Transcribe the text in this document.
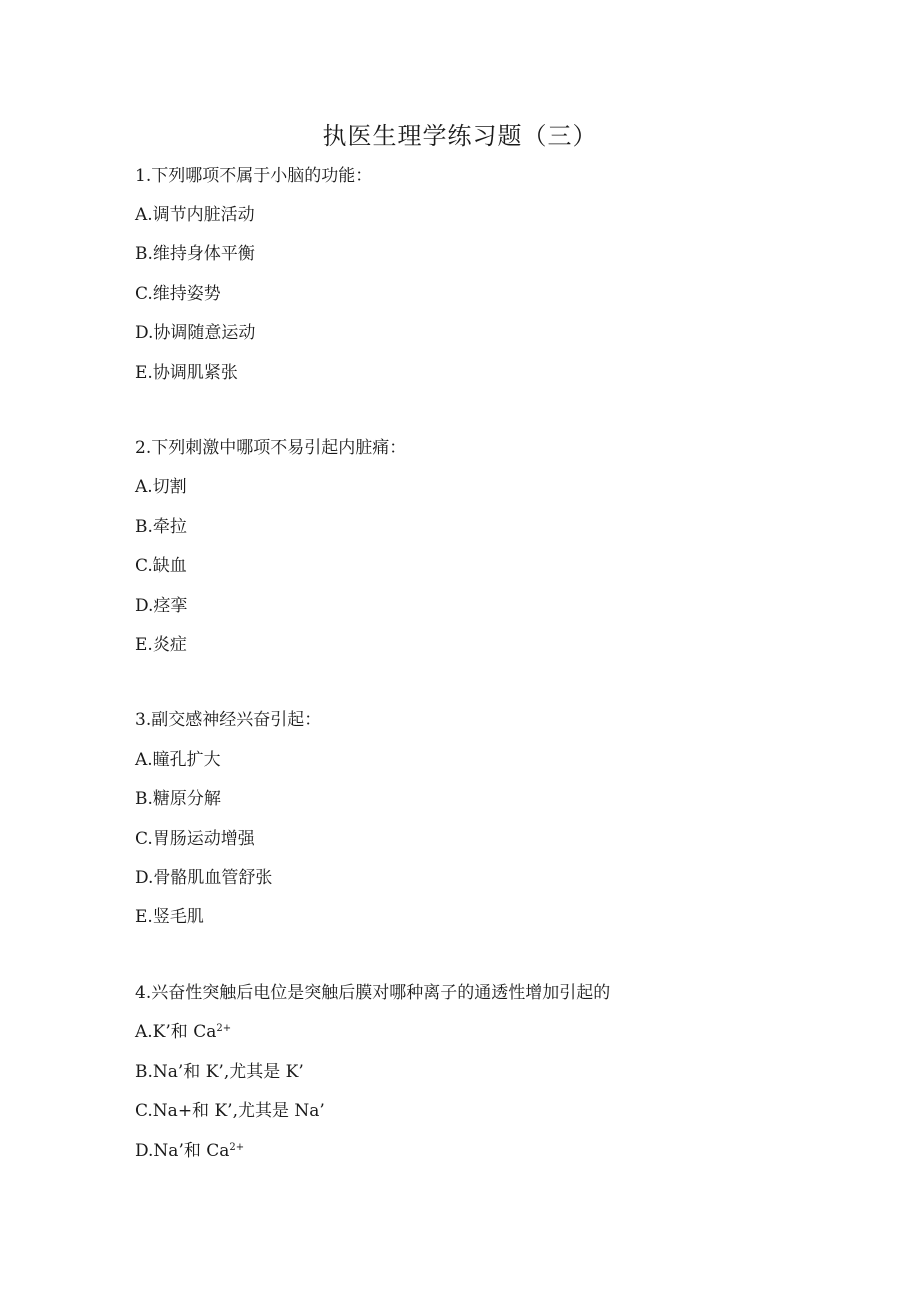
执医生理学练习题（三）
1.下列哪项不属于小脑的功能：
A.调节内脏活动
B.维持身体平衡
C.维持姿势
D.协调随意运动
E.协调肌紧张
2.下列刺激中哪项不易引起内脏痛：
A.切割
B.牵拉
C.缺血
D.痉挛
E.炎症
3.副交感神经兴奋引起：
A.瞳孔扩大
B.糖原分解
C.胃肠运动增强
D.骨骼肌血管舒张
E.竖毛肌
4.兴奋性突触后电位是突触后膜对哪种离子的通透性增加引起的
A.K’和 $Ca^{2+}$
B.Na’和 K’,尤其是 K’
C.Na+和 K’,尤其是 Na’
D.Na’和 $Ca^{2+}$
